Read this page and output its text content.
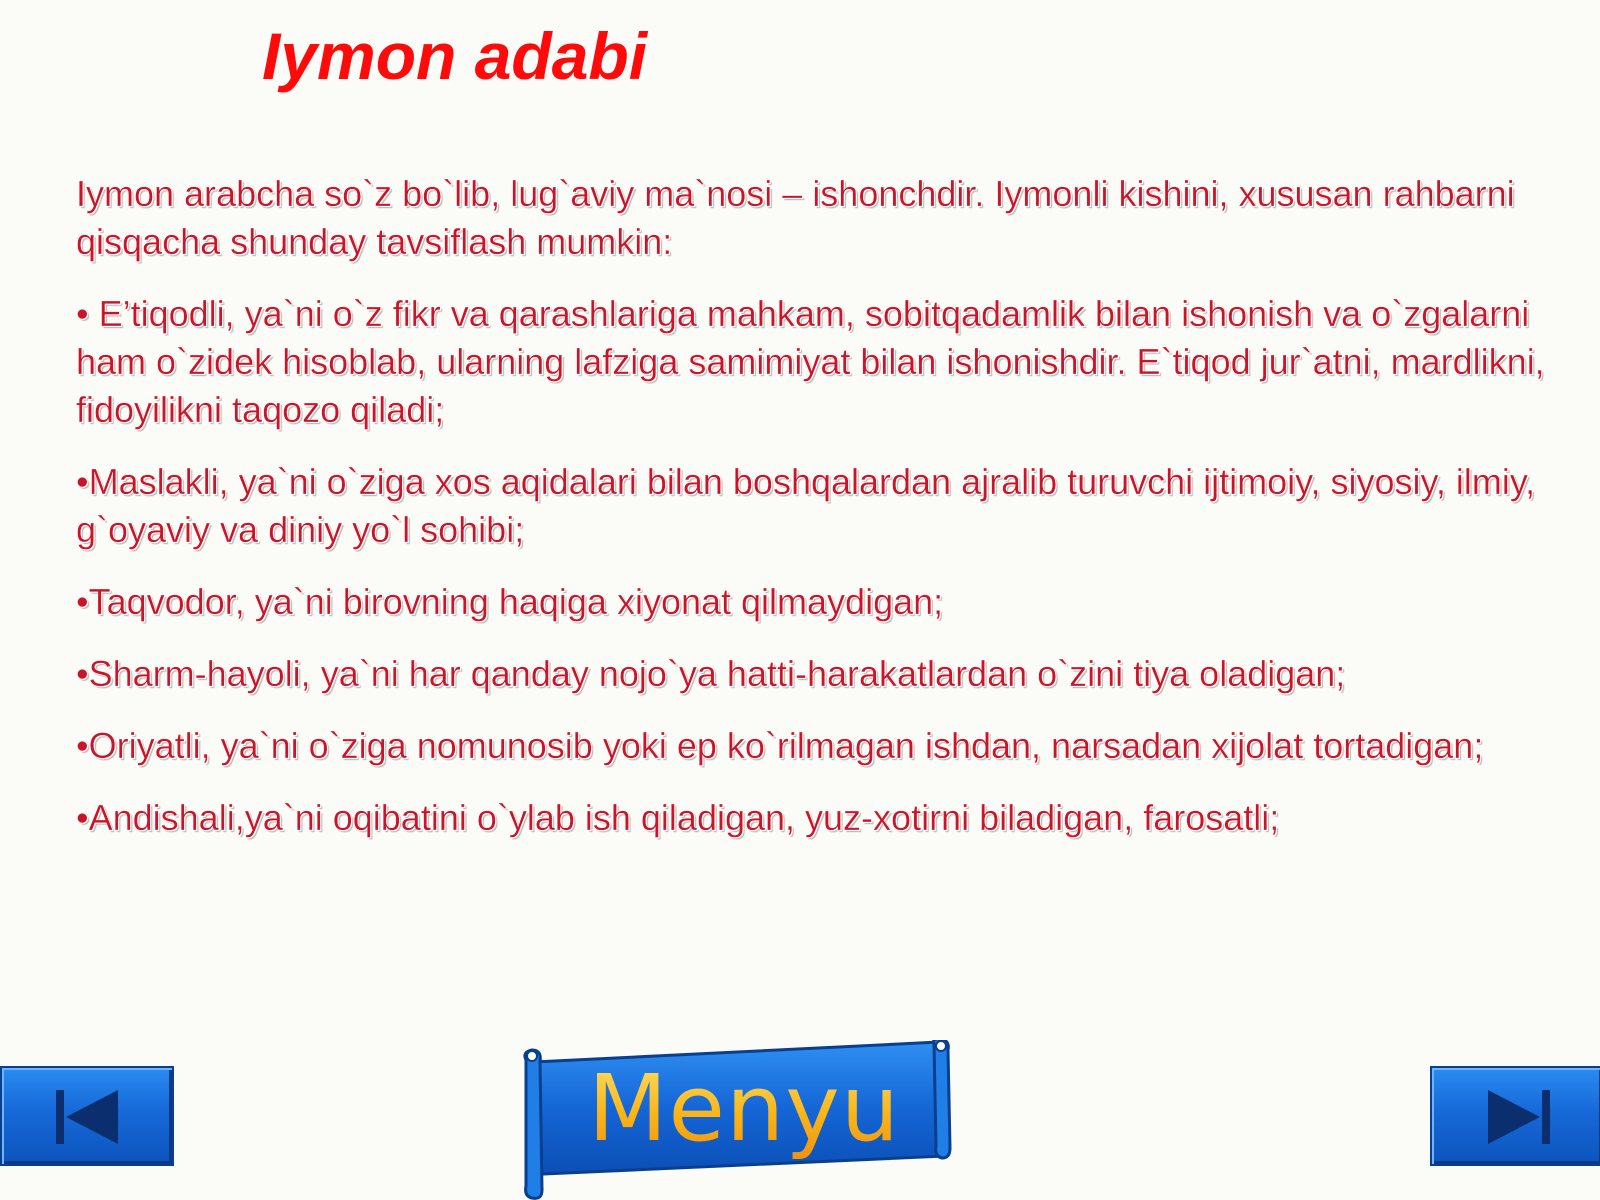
Iymon adabi

Iymon arabcha so`z bo`lib, lug`aviy ma`nosi – ishonchdir. Iymonli kishini, xususan rahbarni qisqacha shunday tavsiflash mumkin:

• E’tiqodli, ya`ni o`z fikr va qarashlariga mahkam, sobitqadamlik bilan ishonish va o`zgalarni ham o`zidek hisoblab, ularning lafziga samimiyat bilan ishonishdir. E`tiqod jur`atni, mardlikni, fidoyilikni taqozo qiladi;

•Maslakli, ya`ni o`ziga xos aqidalari bilan boshqalardan ajralib turuvchi ijtimoiy, siyosiy, ilmiy, g`oyaviy va diniy yo`l sohibi;

•Taqvodor, ya`ni birovning haqiga xiyonat qilmaydigan;

•Sharm-hayoli, ya`ni har qanday nojo`ya hatti-harakatlardan o`zini tiya oladigan;

•Oriyatli, ya`ni o`ziga nomunosib yoki ep ko`rilmagan ishdan, narsadan xijolat tortadigan;

•Andishali,ya`ni oqibatini o`ylab ish qiladigan, yuz-xotirni biladigan, farosatli;

Menyu
